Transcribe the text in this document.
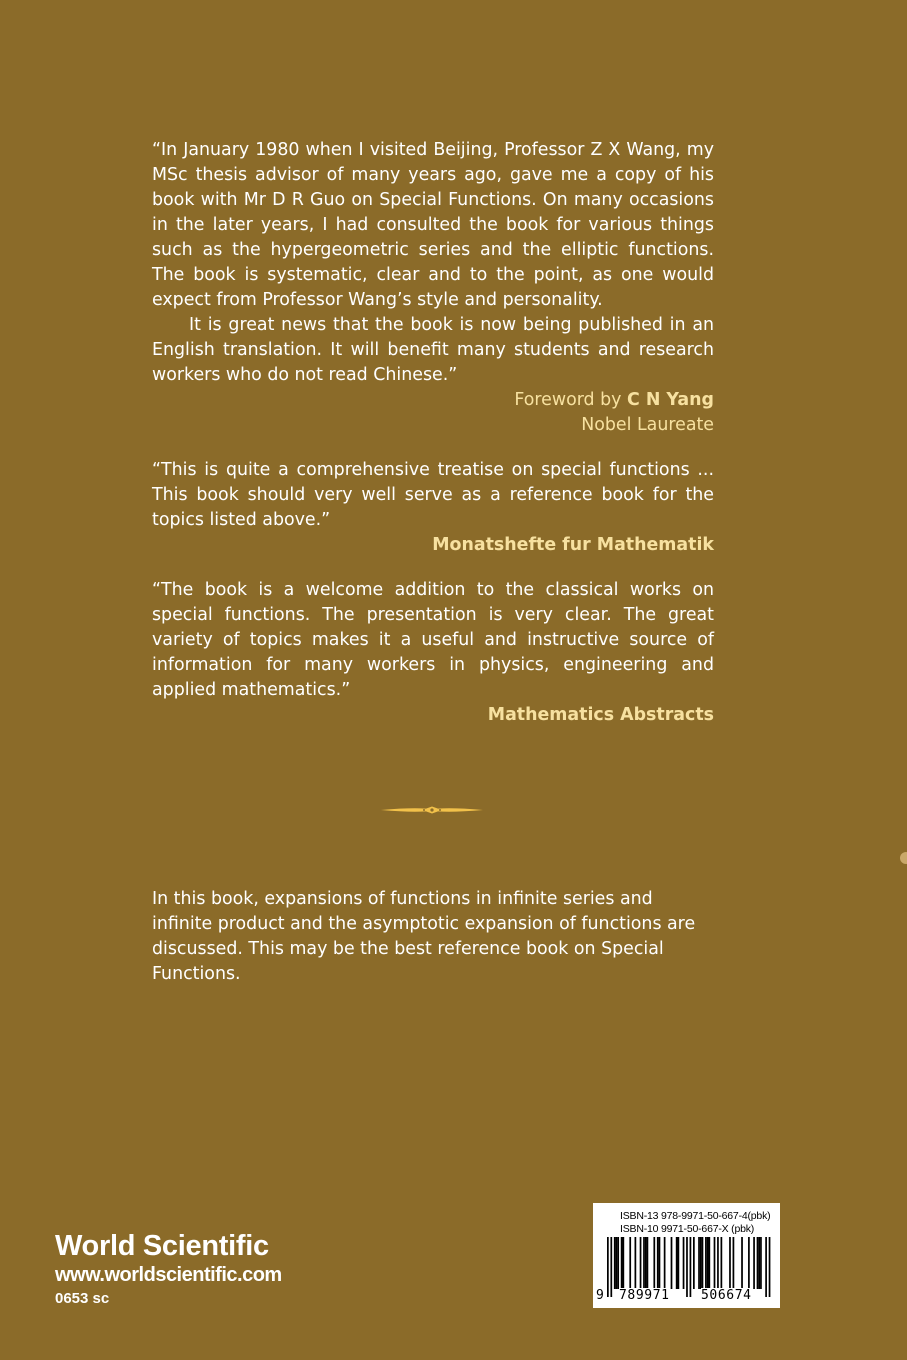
“In January 1980 when I visited Beijing, Professor Z X Wang, my MSc thesis advisor of many years ago, gave me a copy of his book with Mr D R Guo on Special Functions. On many occasions in the later years, I had consulted the book for various things such as the hypergeometric series and the elliptic functions. The book is systematic, clear and to the point, as one would expect from Professor Wang’s style and personality.

It is great news that the book is now being published in an English translation. It will benefit many students and research workers who do not read Chinese.”

Foreword by C N Yang

Nobel Laureate

“This is quite a comprehensive treatise on special functions ... This book should very well serve as a reference book for the topics listed above.”

Monatshefte fur Mathematik

“The book is a welcome addition to the classical works on special functions. The presentation is very clear. The great variety of topics makes it a useful and instructive source of information for many workers in physics, engineering and applied mathematics.”

Mathematics Abstracts

In this book, expansions of functions in infinite series and infinite product and the asymptotic expansion of functions are discussed. This may be the best reference book on Special Functions.

World Scientific
www.worldscientific.com
0653 sc
ISBN-13 978-9971-50-667-4(pbk)
ISBN-10 9971-50-667-X (pbk)
9 789971 506674
